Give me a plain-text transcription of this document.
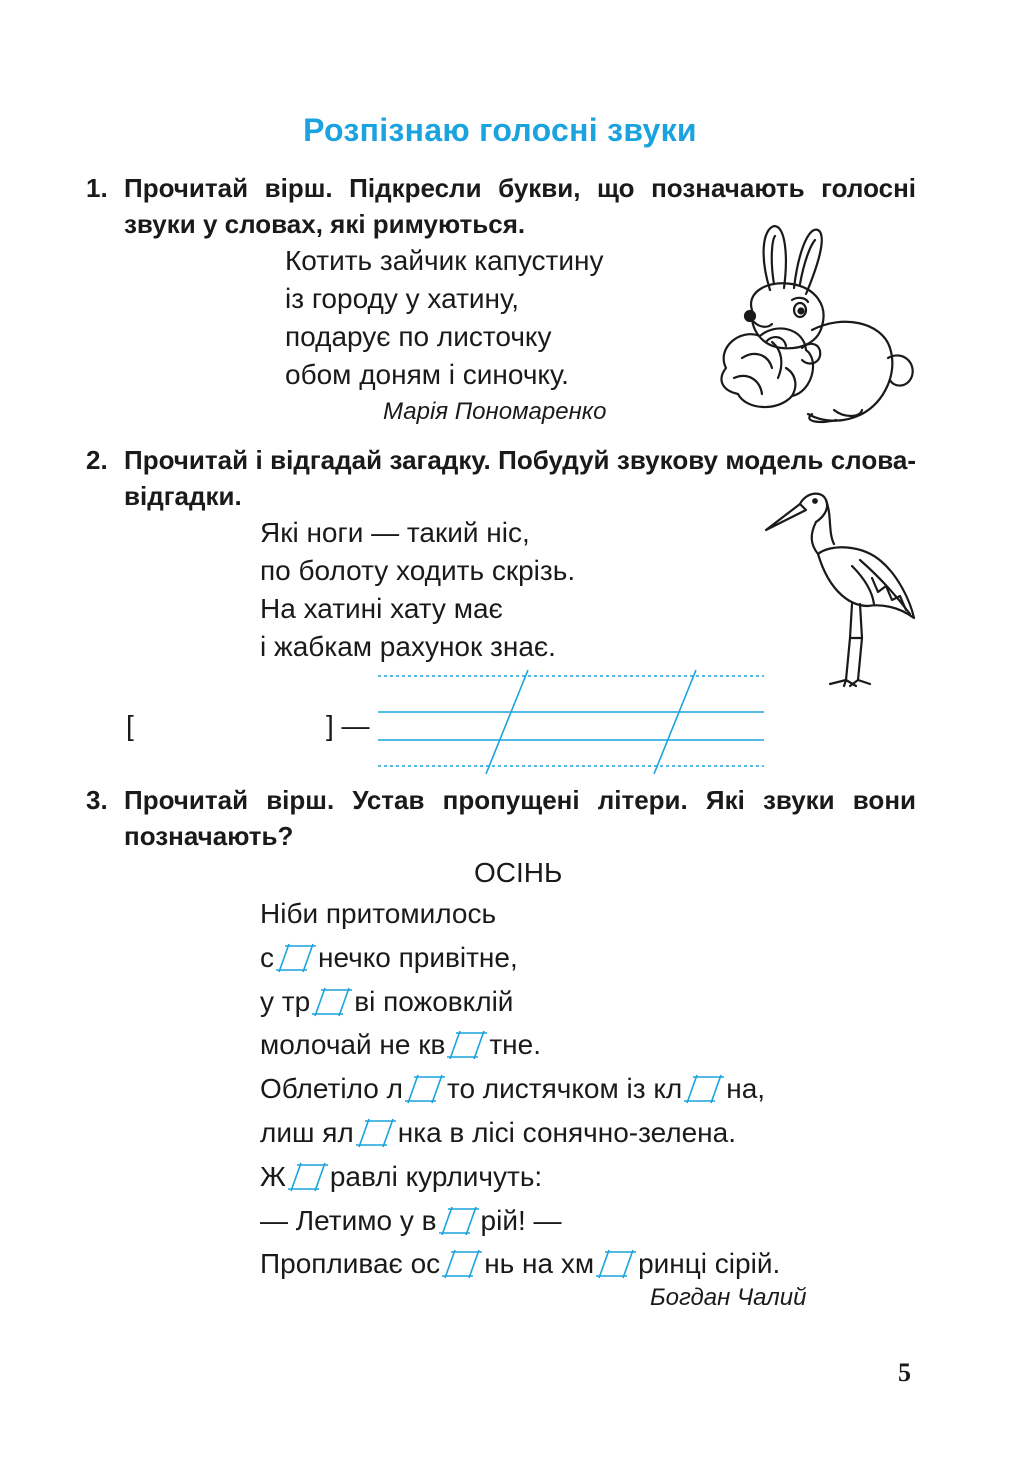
Розпізнаю голосні звуки
1. Прочитай вірш. Підкресли букви, що позначають голосні звуки у словах, які римуються.
Котить зайчик капустину
із городу у хатину,
подарує по листочку
обом доням і синочку.
Марія Пономаренко
2. Прочитай і відгадай загадку. Побудуй звукову модель слова-відгадки.
Які ноги — такий ніс,
по болоту ходить скрізь.
На хатині хату має
і жабкам рахунок знає.
[	] —
3. Прочитай вірш. Устав пропущені літери. Які звуки вони позначають?
ОСІНЬ
Ніби притомилось
с нечко привітне,
у тр ві пожовклій
молочай не кв тне.
Облетіло л то листячком із кл на,
лиш ял нка в лісі сонячно-зелена.
Ж равлі курличуть:
— Летимо у в рій! —
Пропливає ос нь на хм ринці сірій.
Богдан Чалий
5
